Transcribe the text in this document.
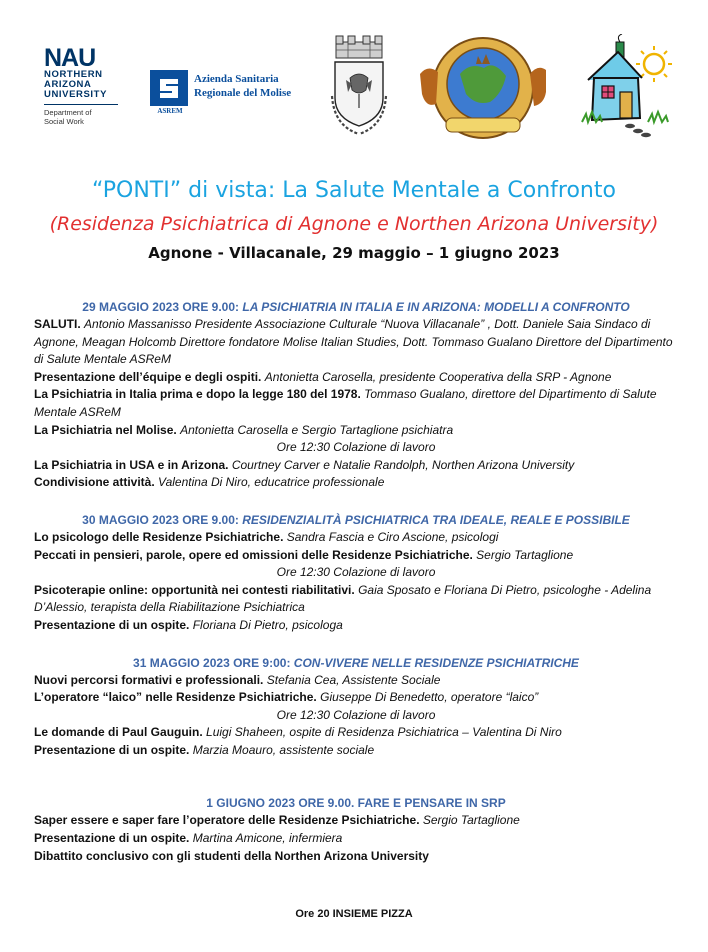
NAU
NORTHERN
ARIZONA
UNIVERSITY
Department of
Social Work
ASREM
Azienda Sanitaria
Regionale del Molise
“PONTI” di vista: La Salute Mentale a Confronto
(Residenza Psichiatrica di Agnone e Northen Arizona University)
Agnone - Villacanale, 29 maggio – 1 giugno 2023
29 MAGGIO 2023 ORE 9.00: LA PSICHIATRIA IN ITALIA E IN ARIZONA: MODELLI A CONFRONTO
SALUTI. Antonio Massanisso Presidente Associazione Culturale “Nuova Villacanale” , Dott. Daniele Saia Sindaco di Agnone, Meagan Holcomb Direttore fondatore Molise Italian Studies, Dott. Tommaso Gualano Direttore del Dipartimento di Salute Mentale ASReM
Presentazione dell’équipe e degli ospiti. Antonietta Carosella, presidente Cooperativa della SRP - Agnone
La Psichiatria in Italia prima e dopo la legge 180 del 1978. Tommaso Gualano, direttore del Dipartimento di Salute Mentale ASReM
La Psichiatria nel Molise. Antonietta Carosella e Sergio Tartaglione psichiatra
Ore 12:30 Colazione di lavoro
La Psichiatria in USA e in Arizona. Courtney Carver e Natalie Randolph, Northen Arizona University
Condivisione attività. Valentina Di Niro, educatrice professionale
30 MAGGIO 2023 ORE 9.00: RESIDENZIALITÀ PSICHIATRICA TRA IDEALE, REALE E POSSIBILE
Lo psicologo delle Residenze Psichiatriche. Sandra Fascia e Ciro Ascione, psicologi
Peccati in pensieri, parole, opere ed omissioni delle Residenze Psichiatriche. Sergio Tartaglione
Ore 12:30 Colazione di lavoro
Psicoterapie online: opportunità nei contesti riabilitativi. Gaia Sposato e Floriana Di Pietro, psicologhe - Adelina D’Alessio, terapista della Riabilitazione Psichiatrica
Presentazione di un ospite. Floriana Di Pietro, psicologa
31 MAGGIO 2023 ORE 9:00: CON-VIVERE NELLE RESIDENZE PSICHIATRICHE
Nuovi percorsi formativi e professionali. Stefania Cea, Assistente Sociale
L’operatore “laico” nelle Residenze Psichiatriche. Giuseppe Di Benedetto, operatore “laico”
Ore 12:30 Colazione di lavoro
Le domande di Paul Gauguin. Luigi Shaheen, ospite di Residenza Psichiatrica – Valentina Di Niro
Presentazione di un ospite. Marzia Moauro, assistente sociale
1 GIUGNO 2023 ORE 9.00. FARE E PENSARE IN SRP
Saper essere e saper fare l’operatore delle Residenze Psichiatriche. Sergio Tartaglione
Presentazione di un ospite. Martina Amicone, infermiera
Dibattito conclusivo con gli studenti della Northen Arizona University
Ore 20 INSIEME PIZZA
